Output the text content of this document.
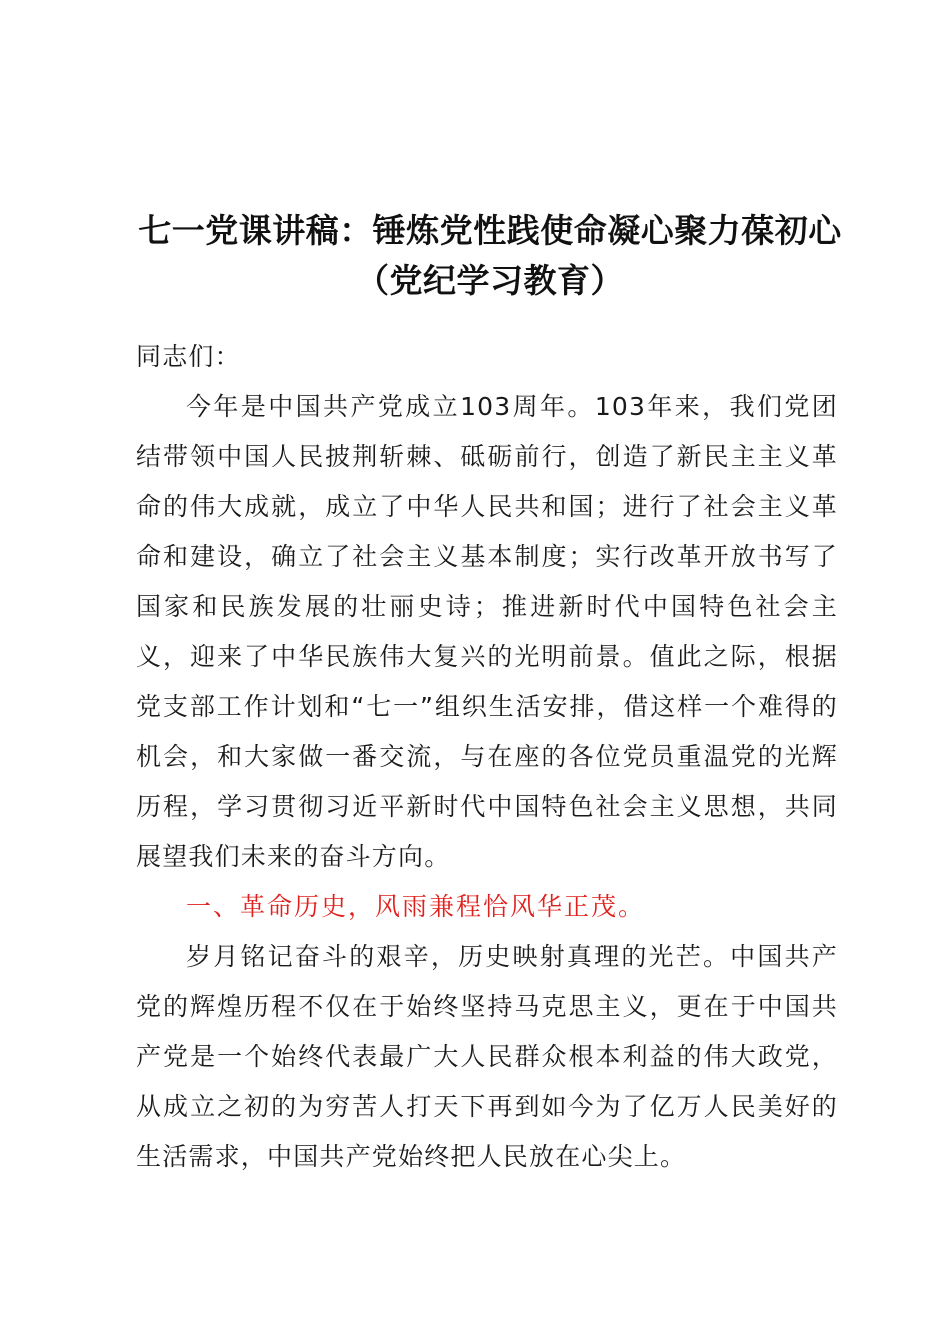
七一党课讲稿：锤炼党性践使命凝心聚力葆初心（党纪学习教育）

同志们：

今年是中国共产党成立103周年。103年来，我们党团结带领中国人民披荆斩棘、砥砺前行，创造了新民主主义革命的伟大成就，成立了中华人民共和国；进行了社会主义革命和建设，确立了社会主义基本制度；实行改革开放书写了国家和民族发展的壮丽史诗；推进新时代中国特色社会主义，迎来了中华民族伟大复兴的光明前景。值此之际，根据党支部工作计划和“七一”组织生活安排，借这样一个难得的机会，和大家做一番交流，与在座的各位党员重温党的光辉历程，学习贯彻习近平新时代中国特色社会主义思想，共同展望我们未来的奋斗方向。

一、革命历史，风雨兼程恰风华正茂。

岁月铭记奋斗的艰辛，历史映射真理的光芒。中国共产党的辉煌历程不仅在于始终坚持马克思主义，更在于中国共产党是一个始终代表最广大人民群众根本利益的伟大政党，从成立之初的为穷苦人打天下再到如今为了亿万人民美好的生活需求，中国共产党始终把人民放在心尖上。
